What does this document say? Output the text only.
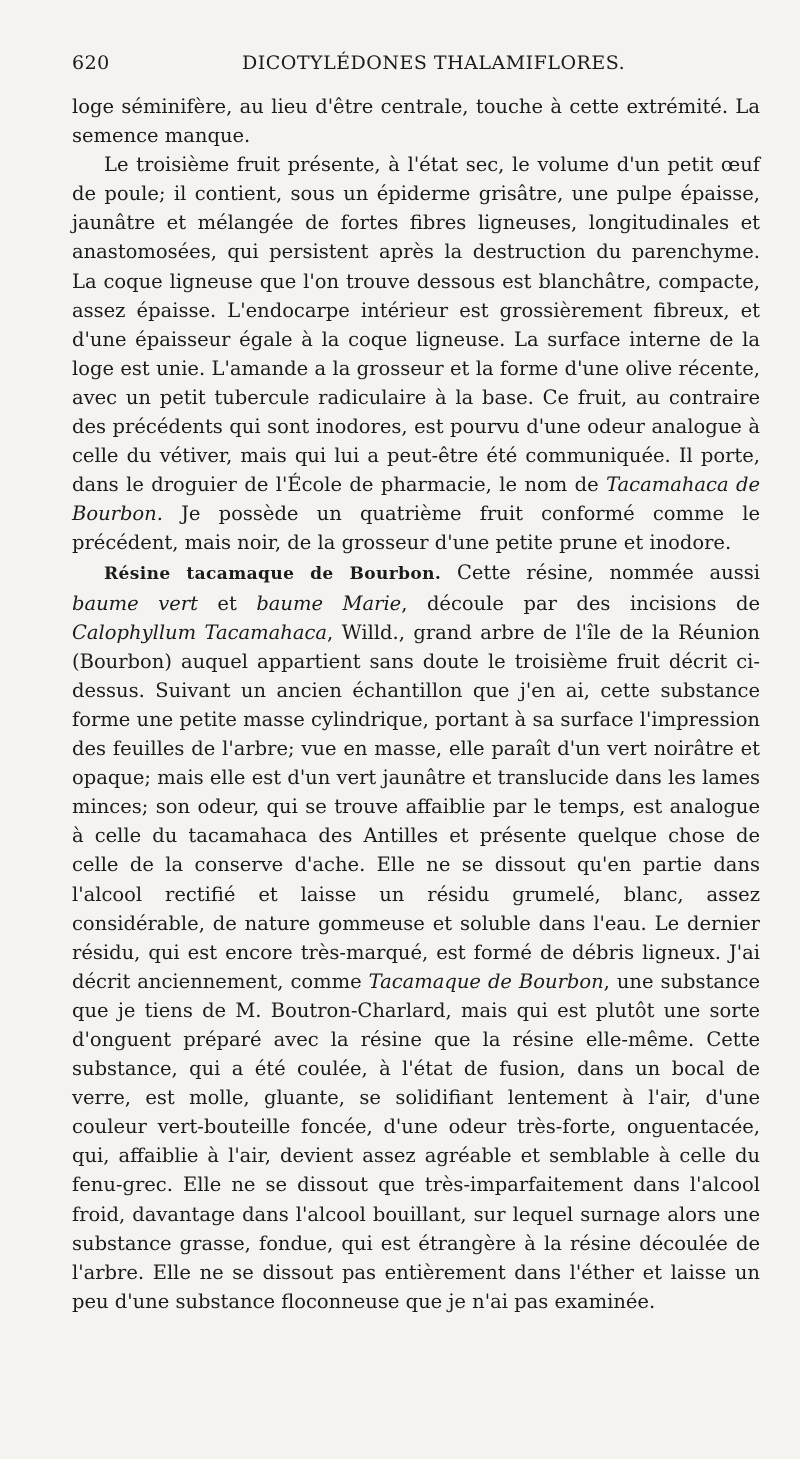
620	DICOTYLÉDONES THALAMIFLORES.

loge séminifère, au lieu d'être centrale, touche à cette extrémité. La semence manque.

Le troisième fruit présente, à l'état sec, le volume d'un petit œuf de poule; il contient, sous un épiderme grisâtre, une pulpe épaisse, jaunâtre et mélangée de fortes fibres ligneuses, longitudinales et anastomosées, qui persistent après la destruction du parenchyme. La coque ligneuse que l'on trouve dessous est blanchâtre, compacte, assez épaisse. L'endocarpe intérieur est grossièrement fibreux, et d'une épaisseur égale à la coque ligneuse. La surface interne de la loge est unie. L'amande a la grosseur et la forme d'une olive récente, avec un petit tubercule radiculaire à la base. Ce fruit, au contraire des précédents qui sont inodores, est pourvu d'une odeur analogue à celle du vétiver, mais qui lui a peut-être été communiquée. Il porte, dans le droguier de l'École de pharmacie, le nom de Tacamahaca de Bourbon. Je possède un quatrième fruit conformé comme le précédent, mais noir, de la grosseur d'une petite prune et inodore.

Résine tacamaque de Bourbon. Cette résine, nommée aussi baume vert et baume Marie, découle par des incisions de Calophyllum Tacamahaca, Willd., grand arbre de l'île de la Réunion (Bourbon) auquel appartient sans doute le troisième fruit décrit ci-dessus. Suivant un ancien échantillon que j'en ai, cette substance forme une petite masse cylindrique, portant à sa surface l'impression des feuilles de l'arbre; vue en masse, elle paraît d'un vert noirâtre et opaque; mais elle est d'un vert jaunâtre et translucide dans les lames minces; son odeur, qui se trouve affaiblie par le temps, est analogue à celle du tacamahaca des Antilles et présente quelque chose de celle de la conserve d'ache. Elle ne se dissout qu'en partie dans l'alcool rectifié et laisse un résidu grumelé, blanc, assez considérable, de nature gommeuse et soluble dans l'eau. Le dernier résidu, qui est encore très-marqué, est formé de débris ligneux. J'ai décrit anciennement, comme Tacamaque de Bourbon, une substance que je tiens de M. Boutron-Charlard, mais qui est plutôt une sorte d'onguent préparé avec la résine que la résine elle-même. Cette substance, qui a été coulée, à l'état de fusion, dans un bocal de verre, est molle, gluante, se solidifiant lentement à l'air, d'une couleur vert-bouteille foncée, d'une odeur très-forte, onguentacée, qui, affaiblie à l'air, devient assez agréable et semblable à celle du fenu-grec. Elle ne se dissout que très-imparfaitement dans l'alcool froid, davantage dans l'alcool bouillant, sur lequel surnage alors une substance grasse, fondue, qui est étrangère à la résine découlée de l'arbre. Elle ne se dissout pas entièrement dans l'éther et laisse un peu d'une substance floconneuse que je n'ai pas examinée.
